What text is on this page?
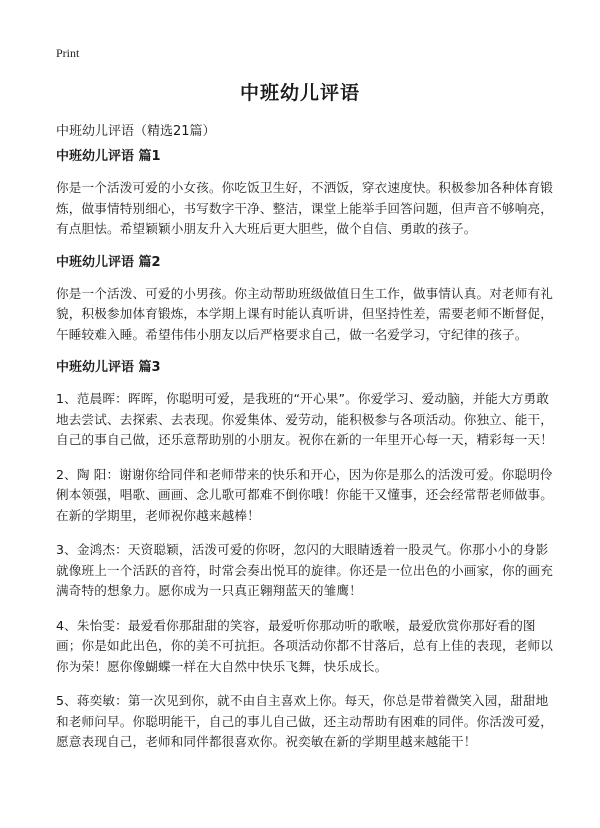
Print
中班幼儿评语
中班幼儿评语（精选21篇）
中班幼儿评语 篇1

你是一个活泼可爱的小女孩。你吃饭卫生好，不洒饭，穿衣速度快。积极参加各种体育锻炼，做事情特别细心，书写数字干净、整洁，课堂上能举手回答问题，但声音不够响亮，有点胆怯。希望颖颖小朋友升入大班后更大胆些，做个自信、勇敢的孩子。

中班幼儿评语 篇2

你是一个活泼、可爱的小男孩。你主动帮助班级做值日生工作，做事情认真。对老师有礼貌，积极参加体育锻炼，本学期上课有时能认真听讲，但坚持性差，需要老师不断督促，午睡较难入睡。希望伟伟小朋友以后严格要求自己，做一名爱学习，守纪律的孩子。

中班幼儿评语 篇3

1、范晨晖：晖晖，你聪明可爱，是我班的“开心果”。你爱学习、爱动脑，并能大方勇敢地去尝试、去探索、去表现。你爱集体、爱劳动，能积极参与各项活动。你独立、能干，自己的事自己做，还乐意帮助别的小朋友。祝你在新的一年里开心每一天，精彩每一天！

2、陶 阳：谢谢你给同伴和老师带来的快乐和开心，因为你是那么的活泼可爱。你聪明伶俐本领强，唱歌、画画、念儿歌可都难不倒你哦！你能干又懂事，还会经常帮老师做事。在新的学期里，老师祝你越来越棒！

3、金鸿杰：天资聪颖，活泼可爱的你呀，忽闪的大眼睛透着一股灵气。你那小小的身影就像班上一个活跃的音符，时常会奏出悦耳的旋律。你还是一位出色的小画家，你的画充满奇特的想象力。愿你成为一只真正翱翔蓝天的雏鹰！

4、朱怡雯：最爱看你那甜甜的笑容，最爱听你那动听的歌喉，最爱欣赏你那好看的图画；你是如此出色，你的美不可抗拒。各项活动你都不甘落后，总有上佳的表现，老师以你为荣！愿你像蝴蝶一样在大自然中快乐飞舞，快乐成长。

5、蒋奕敏：第一次见到你，就不由自主喜欢上你。每天，你总是带着微笑入园，甜甜地和老师问早。你聪明能干，自己的事儿自己做，还主动帮助有困难的同伴。你活泼可爱，愿意表现自己，老师和同伴都很喜欢你。祝奕敏在新的学期里越来越能干！
